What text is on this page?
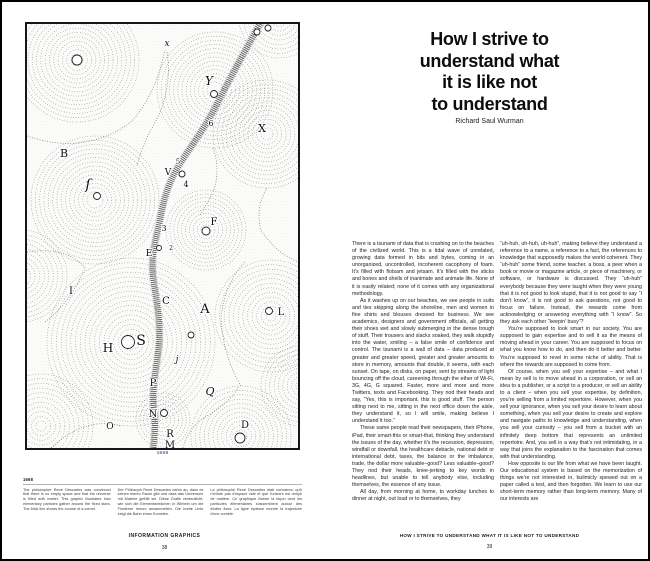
x
X
Y
6
B
ſ
V
5
4
3
F
E
2
I
C
A
S
H
j
P
Q
N
O
R
M
L
D
1668
1668

The philosopher René Descartes was convinced that there is no empty space and that the universe is filled with matter. This graphic illustrates how elementary particles gather around the fixed stars. The thick line shows the course of a comet.

Der Philosoph René Descartes nahm an, dass es keinen leeren Raum gibt und dass das Universum mit Materie gefüllt sei. Diese Grafik verdeutlicht, wie sich die Elementarteilchen in Wirbeln um die Fixsterne herum ansammelten. Die breite Linie zeigt die Bahn eines Kometen.

Le philosophe René Descartes était convaincu qu'il n'existe pas d'espace vide et que l'univers est rempli de matière. Ce graphique illustre la façon dont les particules élémentaires s'assemblent autour des étoiles fixes. La ligne épaisse montre la trajectoire d'une comète.

INFORMATION GRAPHICS
38
How I strive to
understand what
it is like not
to understand
Richard Saul Wurman

There is a tsunami of data that is crashing on to the beaches of the civilized world. This is a tidal wave of unrelated, growing data formed in bits and bytes, coming in an unorganized, uncontrolled, incoherent cacophony of foam. It’s filled with flotsam and jetsam. It’s filled with the sticks and bones and shells of inanimate and animate life. None of it is easily related; none of it comes with any organizational methodology.

As it washes up on our beaches, we see people in suits and ties skipping along the shoreline, men and women in fine shirts and blouses dressed for business. We see academics, designers and government officials, all getting their shoes wet and slowly submerging in the dense trough of stuff. Their trousers and slacks soaked, they walk stupidly into the water, smiling – a false smile of confidence and control. The tsunami is a wall of data – data produced at greater and greater speed, greater and greater amounts to store in memory, amounts that double, it seems, with each sunset. On tape, on disks, on paper, sent by streams of light bouncing off the cloud, careening through the ether of Wi-Fi, 3G, 4G, G squared. Faster, more and more and more Twitters, texts and Facebooking. They nod their heads and say, “Yes, this is important, this is good stuff. The person sitting next to me, sitting in the next office down the aisle, they understand it, so I will smile, making believe I understand it too.”

These same people read their newspapers, their iPhone, iPad, their smart-this or smart-that, thinking they understand the issues of the day, whether it’s the recession, depression, windfall or downfall, the healthcare debacle, national debt or international debt, taxes, the balance or the imbalance, trade, the dollar more valuable–good? Less valuable–good? They nod their heads, knee-jerking to key words in headlines, but unable to tell anybody else, including themselves, the essence of any issue.

All day, from morning at home, to workday lunches to dinner at night, out loud or to themselves, they

“uh-huh, uh-huh, uh-huh”, making believe they understand a reference to a name, a reference to a fact, the references to knowledge that supposedly makes the world coherent. They “uh-huh” some friend, some teacher, a boss, a peer when a book or movie or magazine article, or piece of machinery, or software, or hardware is discussed. They “uh-huh” everybody because they were taught when they were young that it is not good to look stupid, that it is not good to say “I don’t know”, it is not good to ask questions, not good to focus on failure. Instead, the rewards come from acknowledging or answering everything with “I know”. So they ask each other “keepin’ busy”?

You’re supposed to look smart in our society. You are supposed to gain expertise and to sell it as the means of moving ahead in your career. You are supposed to focus on what you know how to do, and then do it better and better. You’re supposed to revel in some niche of ability. That is where the rewards are supposed to come from.

Of course, when you sell your expertise – and what I mean by sell is to move ahead in a corporation, or sell an idea to a publisher, or a script to a producer, or sell an ability to a client – when you sell your expertise, by definition, you’re selling from a limited repertoire. However, when you sell your ignorance, when you sell your desire to learn about something, when you sell your desire to create and explore and navigate paths to knowledge and understanding, when you sell your curiosity – you sell from a bucket with an infinitely deep bottom that represents an unlimited repertoire. And, you sell in a way that’s not intimidating, in a way that joins the explanation to the fascination that comes with that understanding.

How opposite is our life from what we have been taught. Our educational system is based on the memorization of things we’re not interested in, bulimicly spewed out on a paper called a test, and then forgotten. We learn to use our short-term memory rather than long-term memory. Many of our interests are

HOW I STRIVE TO UNDERSTAND WHAT IT IS LIKE NOT TO UNDERSTAND
39
